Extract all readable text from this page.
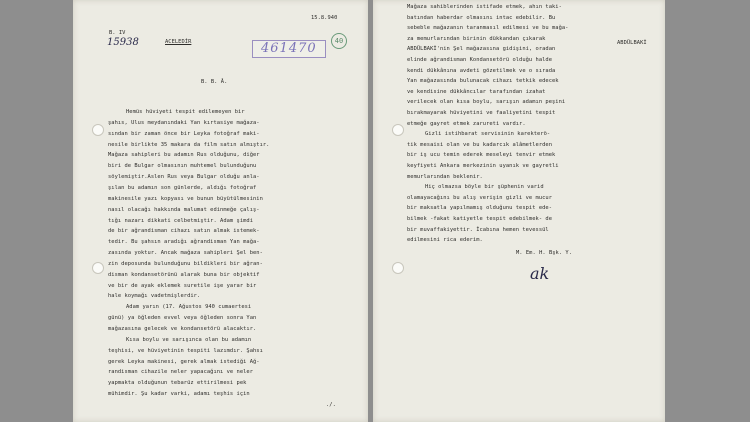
15.8.940
B. IV
15938	ACELEDİR	461470	40
B. B. Â.
Hemüs hüviyeti tespit edilemeyen bir
şahıs, Ulus meydanındaki Yan kırtasiye mağaza-
sından bir zaman önce bir Leyka fotoğraf maki-
nesile birlikte 35 makara da film satın almıştır.
Mağaza sahipleri bu adamın Rus olduğunu, diğer
biri de Bulgar olmasının muhtemel bulunduğunu
söylemiştir.Aslen Rus veya Bulgar olduğu anla-
şılan bu adamın son günlerde, aldığı fotoğraf
makinesile yazı kopyası ve bunun büyütülmesinin
nasıl olacağı hakkında malumat edinmeğe çalış-
tığı nazarı dikkati celbetmiştir. Adam şimdi
de bir ağrandisman cihazı satın almak istemek-
tedir. Bu şahsın aradığı ağrandisman Yan mağa-
zasında yoktur. Ancak mağaza sahipleri Şel ben-
zin deposunda bulunduğunu bildikleri bir ağran-
disman kondansetörünü alarak buna bir objektif
ve bir de ayak eklemek suretile işe yarar bir
hale koymağı vadetmişlerdir.
Adam yarın (17. Ağustos 940 cumaertesi
günü) ya öğleden evvel veya öğleden sonra Yan
mağazasına gelecek ve kondansetörü alacaktır.
Kısa boylu ve sarışınca olan bu adamın
teşhisi, ve hüviyetinin tespiti lazımdır. Şahsı
gerek Leyka makinesi, gerek almak istediği Ağ-
randisman cihazile neler yapacağını ve neler
yapmakta olduğunun tebarüz ettirilmesi pek
mühimdir. Şu kadar varki, adamı teşhis için
./.
Mağaza sahiblerinden istifade etmek, ahın taki-
batından haberdar olmasını intac edebilir. Bu
sebeble mağazanın taranmasıl edilmesi ve bu mağa-
za memurlarından birinin dükkandan çıkarak
ABDÜLBAKİ'nin Şel mağazasına gidişini, oradan
elinde ağrandisman Kondansetörü olduğu halde
kendi dükkânına avdeti gözetilmek ve o sırada
Yan mağazasında bulunacak cihazı tetkik edecek
ve kendisine dükkâncılar tarafından izahat
verilecek olan kısa boylu, sarışın adamın peşini
bırakmayarak hüviyetini ve faaliyetini tespit
etmeğe gayret etmek zarureti vardır.
Gizli istihbarat servisinin karekterö-
tik mesaisi olan ve bu kadarcık alâmetlerden
bir iş ucu temin ederek meseleyi tenvir etmek
keyfiyeti Ankara merkezinin uyanık ve gayretli
memurlarından beklenir.
Hiç olmazsa böyle bir şüphenin varid
olamayacağını bu alış verişin gizli ve mucur
bir maksatla yapılmamış olduğunu tespit ede-
bilmek -fakat katiyetle tespit edebilmek- de
bir muvaffakiyettir. İcabına hemen tevessül
edilmesini rica ederim.
ABDÜLBAKİ
M. Em. H. Bşk. Y.
ak
